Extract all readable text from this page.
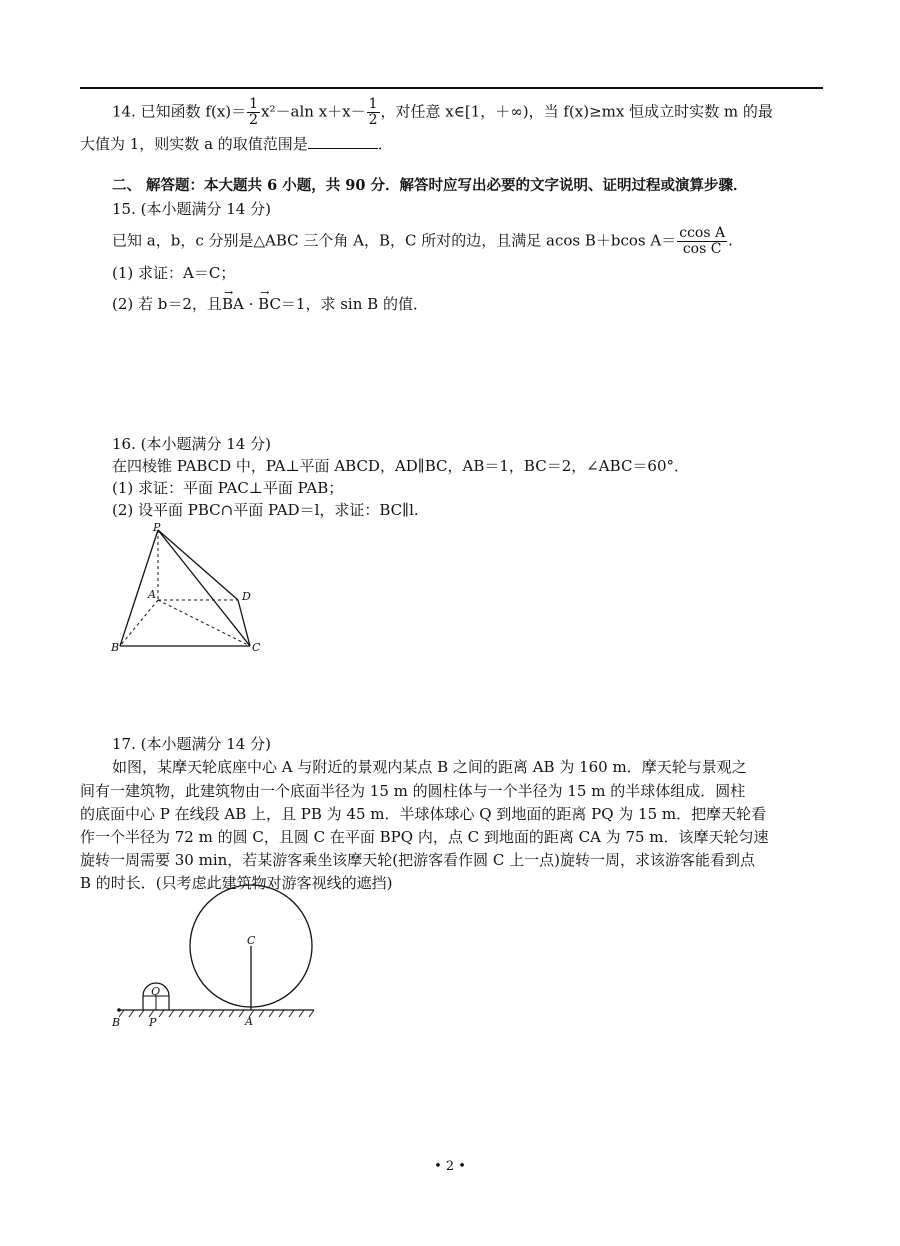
14. 已知函数 $f(x)= \frac{1}{2} x^2-aln$ $x+x- \frac{1}{2}$ ，对任意 x∈[1，＋∞)，当 f(x)≥mx 恒成立时实数 m 的最
大值为 1，则实数 a 的取值范围是	．
二、 解答题：本大题共 6 小题，共 90 分．解答时应写出必要的文字说明、证明过程或演算步骤．
15. (本小题满分 14 分)
已知 a，b，c 分别是△ABC 三个角 A，B，C 所对的边，且满足 acos B＋bcos $A= \frac{\text{ccos A}}{\text{cos C}}$ .
(1) 求证：A＝C；
(2) 若 b＝2，且→ BA · → BC＝1，求 sin B 的值．
16. (本小题满分 14 分)
在四棱锥 PABCD 中，PA⊥平面 ABCD，AD∥BC，AB＝1，BC＝2，∠ABC＝60°．
(1) 求证：平面 PAC⊥平面 PAB；
(2) 设平面 PBC∩平面 PAD＝l，求证：BC∥l.
P
A	D
B	C
17. (本小题满分 14 分)
如图，某摩天轮底座中心 A 与附近的景观内某点 B 之间的距离 AB 为 160 m．摩天轮与景观之
间有一建筑物，此建筑物由一个底面半径为 15 m 的圆柱体与一个半径为 15 m 的半球体组成．圆柱
的底面中心 P 在线段 AB 上，且 PB 为 45 m．半球体球心 Q 到地面的距离 PQ 为 15 m．把摩天轮看
作一个半径为 72 m 的圆 C，且圆 C 在平面 BPQ 内，点 C 到地面的距离 CA 为 75 m．该摩天轮匀速
旋转一周需要 30 min，若某游客乘坐该摩天轮(把游客看作圆 C 上一点)旋转一周，求该游客能看到点
B 的时长．(只考虑此建筑物对游客视线的遮挡)
C
Q
B	P	A
• 2 •
